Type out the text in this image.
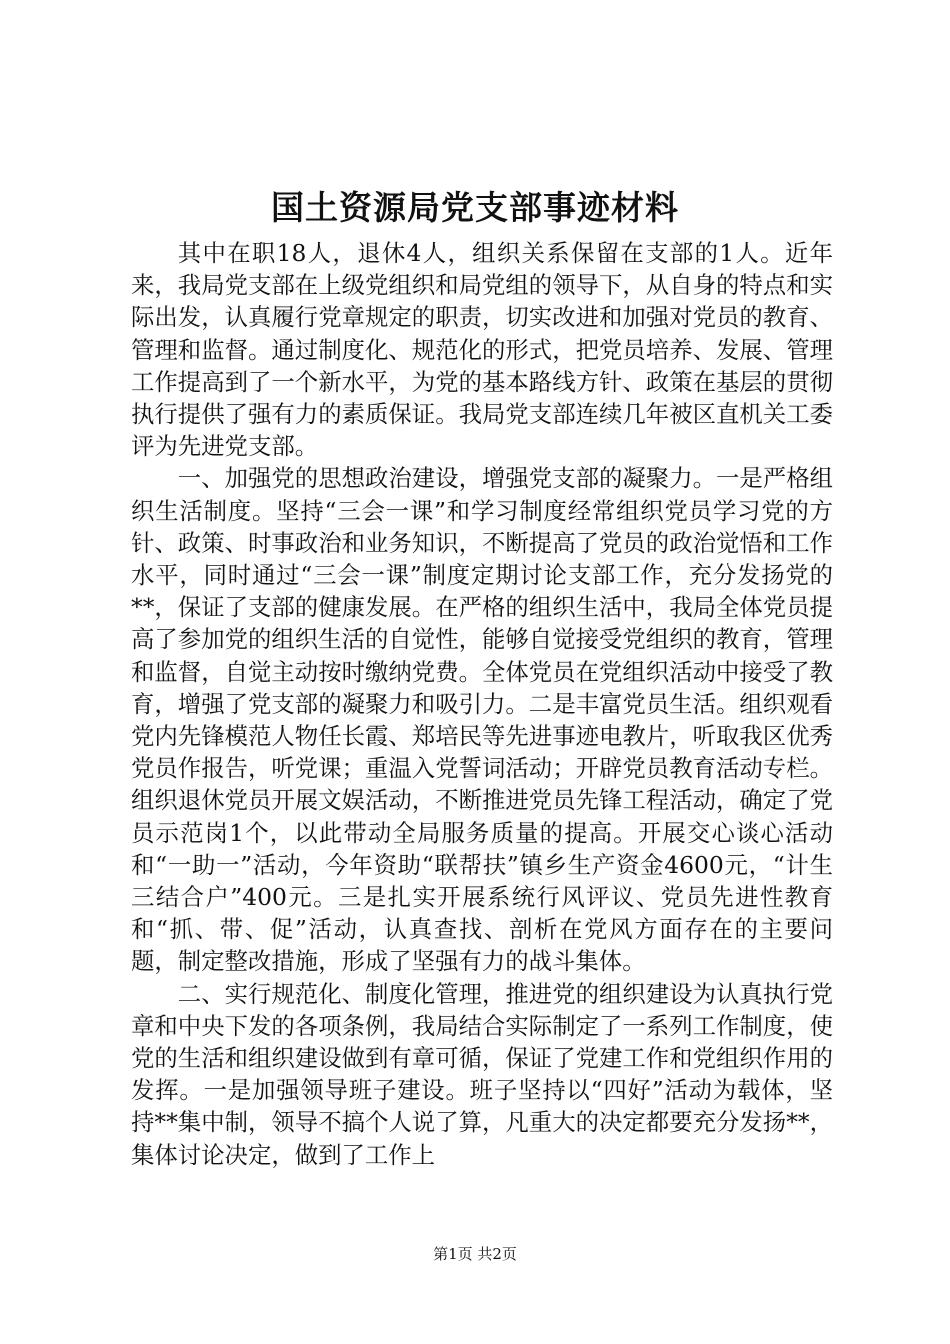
国土资源局党支部事迹材料

其中在职18人，退休4人，组织关系保留在支部的1人。近年来，我局党支部在上级党组织和局党组的领导下，从自身的特点和实际出发，认真履行党章规定的职责，切实改进和加强对党员的教育、管理和监督。通过制度化、规范化的形式，把党员培养、发展、管理工作提高到了一个新水平，为党的基本路线方针、政策在基层的贯彻执行提供了强有力的素质保证。我局党支部连续几年被区直机关工委评为先进党支部。

一、加强党的思想政治建设，增强党支部的凝聚力。一是严格组织生活制度。坚持“三会一课”和学习制度经常组织党员学习党的方针、政策、时事政治和业务知识，不断提高了党员的政治觉悟和工作水平，同时通过“三会一课”制度定期讨论支部工作，充分发扬党的**，保证了支部的健康发展。在严格的组织生活中，我局全体党员提高了参加党的组织生活的自觉性，能够自觉接受党组织的教育，管理和监督，自觉主动按时缴纳党费。全体党员在党组织活动中接受了教育，增强了党支部的凝聚力和吸引力。二是丰富党员生活。组织观看党内先锋模范人物任长霞、郑培民等先进事迹电教片，听取我区优秀党员作报告，听党课；重温入党誓词活动；开辟党员教育活动专栏。组织退休党员开展文娱活动，不断推进党员先锋工程活动，确定了党员示范岗1个，以此带动全局服务质量的提高。开展交心谈心活动和“一助一”活动，今年资助“联帮扶”镇乡生产资金4600元，“计生三结合户”400元。三是扎实开展系统行风评议、党员先进性教育和“抓、带、促”活动，认真查找、剖析在党风方面存在的主要问题，制定整改措施，形成了坚强有力的战斗集体。

二、实行规范化、制度化管理，推进党的组织建设为认真执行党章和中央下发的各项条例，我局结合实际制定了一系列工作制度，使党的生活和组织建设做到有章可循，保证了党建工作和党组织作用的发挥。一是加强领导班子建设。班子坚持以“四好”活动为载体，坚持**集中制，领导不搞个人说了算，凡重大的决定都要充分发扬**，集体讨论决定，做到了工作上

第1页 共2页
